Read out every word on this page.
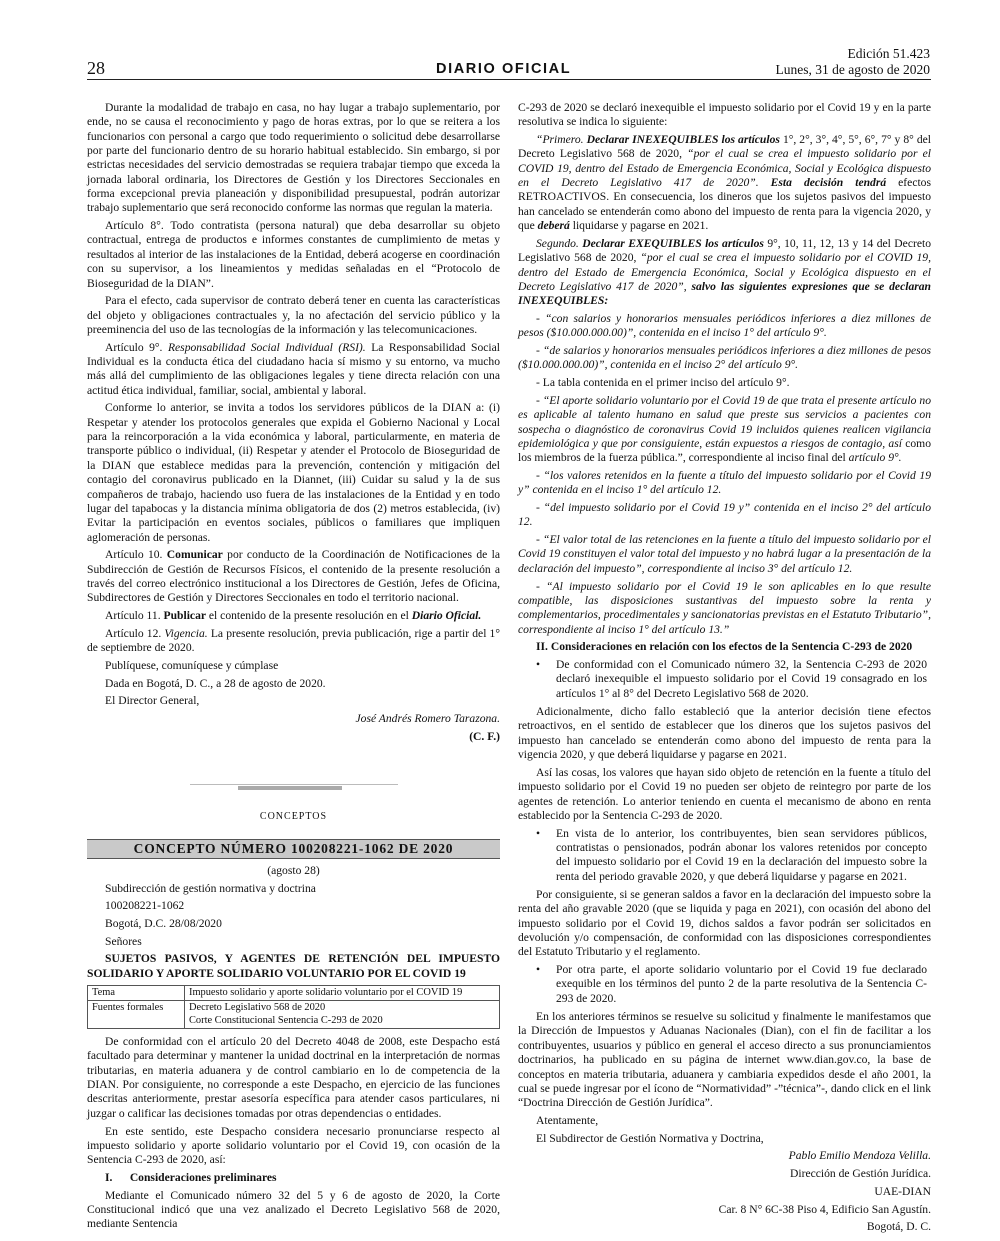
Edición 51.423
Lunes, 31 de agosto de 2020
28	DIARIO OFICIAL

Durante la modalidad de trabajo en casa, no hay lugar a trabajo suplementario, por ende, no se causa el reconocimiento y pago de horas extras, por lo que se reitera a los funcionarios con personal a cargo que todo requerimiento o solicitud debe desarrollarse por parte del funcionario dentro de su horario habitual establecido. Sin embargo, si por estrictas necesidades del servicio demostradas se requiera trabajar tiempo que exceda la jornada laboral ordinaria, los Directores de Gestión y los Directores Seccionales en forma excepcional previa planeación y disponibilidad presupuestal, podrán autorizar trabajo suplementario que será reconocido conforme las normas que regulan la materia.

Artículo 8°. Todo contratista (persona natural) que deba desarrollar su objeto contractual, entrega de productos e informes constantes de cumplimiento de metas y resultados al interior de las instalaciones de la Entidad, deberá acogerse en coordinación con su supervisor, a los lineamientos y medidas señaladas en el “Protocolo de Bioseguridad de la DIAN”.

Para el efecto, cada supervisor de contrato deberá tener en cuenta las características del objeto y obligaciones contractuales y, la no afectación del servicio público y la preeminencia del uso de las tecnologías de la información y las telecomunicaciones.

Artículo 9°. Responsabilidad Social Individual (RSI). La Responsabilidad Social Individual es la conducta ética del ciudadano hacia sí mismo y su entorno, va mucho más allá del cumplimiento de las obligaciones legales y tiene directa relación con una actitud ética individual, familiar, social, ambiental y laboral.

Conforme lo anterior, se invita a todos los servidores públicos de la DIAN a: (i) Respetar y atender los protocolos generales que expida el Gobierno Nacional y Local para la reincorporación a la vida económica y laboral, particularmente, en materia de transporte público o individual, (ii) Respetar y atender el Protocolo de Bioseguridad de la DIAN que establece medidas para la prevención, contención y mitigación del contagio del coronavirus publicado en la Diannet, (iii) Cuidar su salud y la de sus compañeros de trabajo, haciendo uso fuera de las instalaciones de la Entidad y en todo lugar del tapabocas y la distancia mínima obligatoria de dos (2) metros establecida, (iv) Evitar la participación en eventos sociales, públicos o familiares que impliquen aglomeración de personas.

Artículo 10. Comunicar por conducto de la Coordinación de Notificaciones de la Subdirección de Gestión de Recursos Físicos, el contenido de la presente resolución a través del correo electrónico institucional a los Directores de Gestión, Jefes de Oficina, Subdirectores de Gestión y Directores Seccionales en todo el territorio nacional.

Artículo 11. Publicar el contenido de la presente resolución en el Diario Oficial.

Artículo 12. Vigencia. La presente resolución, previa publicación, rige a partir del 1° de septiembre de 2020.

Publíquese, comuníquese y cúmplase

Dada en Bogotá, D. C., a 28 de agosto de 2020.

El Director General,

José Andrés Romero Tarazona.

(C. F.)

CONCEPTOS
CONCEPTO NÚMERO 100208221-1062 DE 2020

(agosto 28)

Subdirección de gestión normativa y doctrina

100208221-1062

Bogotá, D.C. 28/08/2020

Señores

SUJETOS PASIVOS, Y AGENTES DE RETENCIÓN DEL IMPUESTO SOLIDARIO Y APORTE SOLIDARIO VOLUNTARIO POR EL COVID 19

Tema	Impuesto solidario y aporte solidario voluntario por el COVID 19
Fuentes formales	Decreto Legislativo 568 de 2020
Corte Constitucional Sentencia C-293 de 2020

De conformidad con el artículo 20 del Decreto 4048 de 2008, este Despacho está facultado para determinar y mantener la unidad doctrinal en la interpretación de normas tributarias, en materia aduanera y de control cambiario en lo de competencia de la DIAN. Por consiguiente, no corresponde a este Despacho, en ejercicio de las funciones descritas anteriormente, prestar asesoría específica para atender casos particulares, ni juzgar o calificar las decisiones tomadas por otras dependencias o entidades.

En este sentido, este Despacho considera necesario pronunciarse respecto al impuesto solidario y aporte solidario voluntario por el Covid 19, con ocasión de la Sentencia C-293 de 2020, así:

I. Consideraciones preliminares

Mediante el Comunicado número 32 del 5 y 6 de agosto de 2020, la Corte Constitucional indicó que una vez analizado el Decreto Legislativo 568 de 2020, mediante Sentencia

C-293 de 2020 se declaró inexequible el impuesto solidario por el Covid 19 y en la parte resolutiva se indica lo siguiente:

“Primero. Declarar INEXEQUIBLES los artículos 1°, 2°, 3°, 4°, 5°, 6°, 7° y 8° del Decreto Legislativo 568 de 2020, “por el cual se crea el impuesto solidario por el COVID 19, dentro del Estado de Emergencia Económica, Social y Ecológica dispuesto en el Decreto Legislativo 417 de 2020”. Esta decisión tendrá efectos RETROACTIVOS. En consecuencia, los dineros que los sujetos pasivos del impuesto han cancelado se entenderán como abono del impuesto de renta para la vigencia 2020, y que deberá liquidarse y pagarse en 2021.

Segundo. Declarar EXEQUIBLES los artículos 9°, 10, 11, 12, 13 y 14 del Decreto Legislativo 568 de 2020, “por el cual se crea el impuesto solidario por el COVID 19, dentro del Estado de Emergencia Económica, Social y Ecológica dispuesto en el Decreto Legislativo 417 de 2020”, salvo las siguientes expresiones que se declaran INEXEQUIBLES:

- “con salarios y honorarios mensuales periódicos inferiores a diez millones de pesos ($10.000.000.00)”, contenida en el inciso 1° del artículo 9°.

- “de salarios y honorarios mensuales periódicos inferiores a diez millones de pesos ($10.000.000.00)”, contenida en el inciso 2° del artículo 9°.

- La tabla contenida en el primer inciso del artículo 9°.

- “El aporte solidario voluntario por el Covid 19 de que trata el presente artículo no es aplicable al talento humano en salud que preste sus servicios a pacientes con sospecha o diagnóstico de coronavirus Covid 19 incluidos quienes realicen vigilancia epidemiológica y que por consiguiente, están expuestos a riesgos de contagio, así como los miembros de la fuerza pública.”, correspondiente al inciso final del artículo 9°.

- “los valores retenidos en la fuente a título del impuesto solidario por el Covid 19 y” contenida en el inciso 1° del artículo 12.

- “del impuesto solidario por el Covid 19 y” contenida en el inciso 2° del artículo 12.

- “El valor total de las retenciones en la fuente a título del impuesto solidario por el Covid 19 constituyen el valor total del impuesto y no habrá lugar a la presentación de la declaración del impuesto”, correspondiente al inciso 3° del artículo 12.

- “Al impuesto solidario por el Covid 19 le son aplicables en lo que resulte compatible, las disposiciones sustantivas del impuesto sobre la renta y complementarios, procedimentales y sancionatorias previstas en el Estatuto Tributario”, correspondiente al inciso 1° del artículo 13.”

II. Consideraciones en relación con los efectos de la Sentencia C-293 de 2020

• De conformidad con el Comunicado número 32, la Sentencia C-293 de 2020 declaró inexequible el impuesto solidario por el Covid 19 consagrado en los artículos 1° al 8° del Decreto Legislativo 568 de 2020.

Adicionalmente, dicho fallo estableció que la anterior decisión tiene efectos retroactivos, en el sentido de establecer que los dineros que los sujetos pasivos del impuesto han cancelado se entenderán como abono del impuesto de renta para la vigencia 2020, y que deberá liquidarse y pagarse en 2021.

Así las cosas, los valores que hayan sido objeto de retención en la fuente a título del impuesto solidario por el Covid 19 no pueden ser objeto de reintegro por parte de los agentes de retención. Lo anterior teniendo en cuenta el mecanismo de abono en renta establecido por la Sentencia C-293 de 2020.

• En vista de lo anterior, los contribuyentes, bien sean servidores públicos, contratistas o pensionados, podrán abonar los valores retenidos por concepto del impuesto solidario por el Covid 19 en la declaración del impuesto sobre la renta del periodo gravable 2020, y que deberá liquidarse y pagarse en 2021.

Por consiguiente, si se generan saldos a favor en la declaración del impuesto sobre la renta del año gravable 2020 (que se liquida y paga en 2021), con ocasión del abono del impuesto solidario por el Covid 19, dichos saldos a favor podrán ser solicitados en devolución y/o compensación, de conformidad con las disposiciones correspondientes del Estatuto Tributario y el reglamento.

• Por otra parte, el aporte solidario voluntario por el Covid 19 fue declarado exequible en los términos del punto 2 de la parte resolutiva de la Sentencia C-293 de 2020.

En los anteriores términos se resuelve su solicitud y finalmente le manifestamos que la Dirección de Impuestos y Aduanas Nacionales (Dian), con el fin de facilitar a los contribuyentes, usuarios y público en general el acceso directo a sus pronunciamientos doctrinarios, ha publicado en su página de internet www.dian.gov.co, la base de conceptos en materia tributaria, aduanera y cambiaria expedidos desde el año 2001, la cual se puede ingresar por el ícono de “Normatividad” -”técnica”-, dando click en el link “Doctrina Dirección de Gestión Jurídica”.

Atentamente,

El Subdirector de Gestión Normativa y Doctrina,

Pablo Emilio Mendoza Velilla.

Dirección de Gestión Jurídica.

UAE-DIAN

Car. 8 N° 6C-38 Piso 4, Edificio San Agustín.

Bogotá, D. C.
